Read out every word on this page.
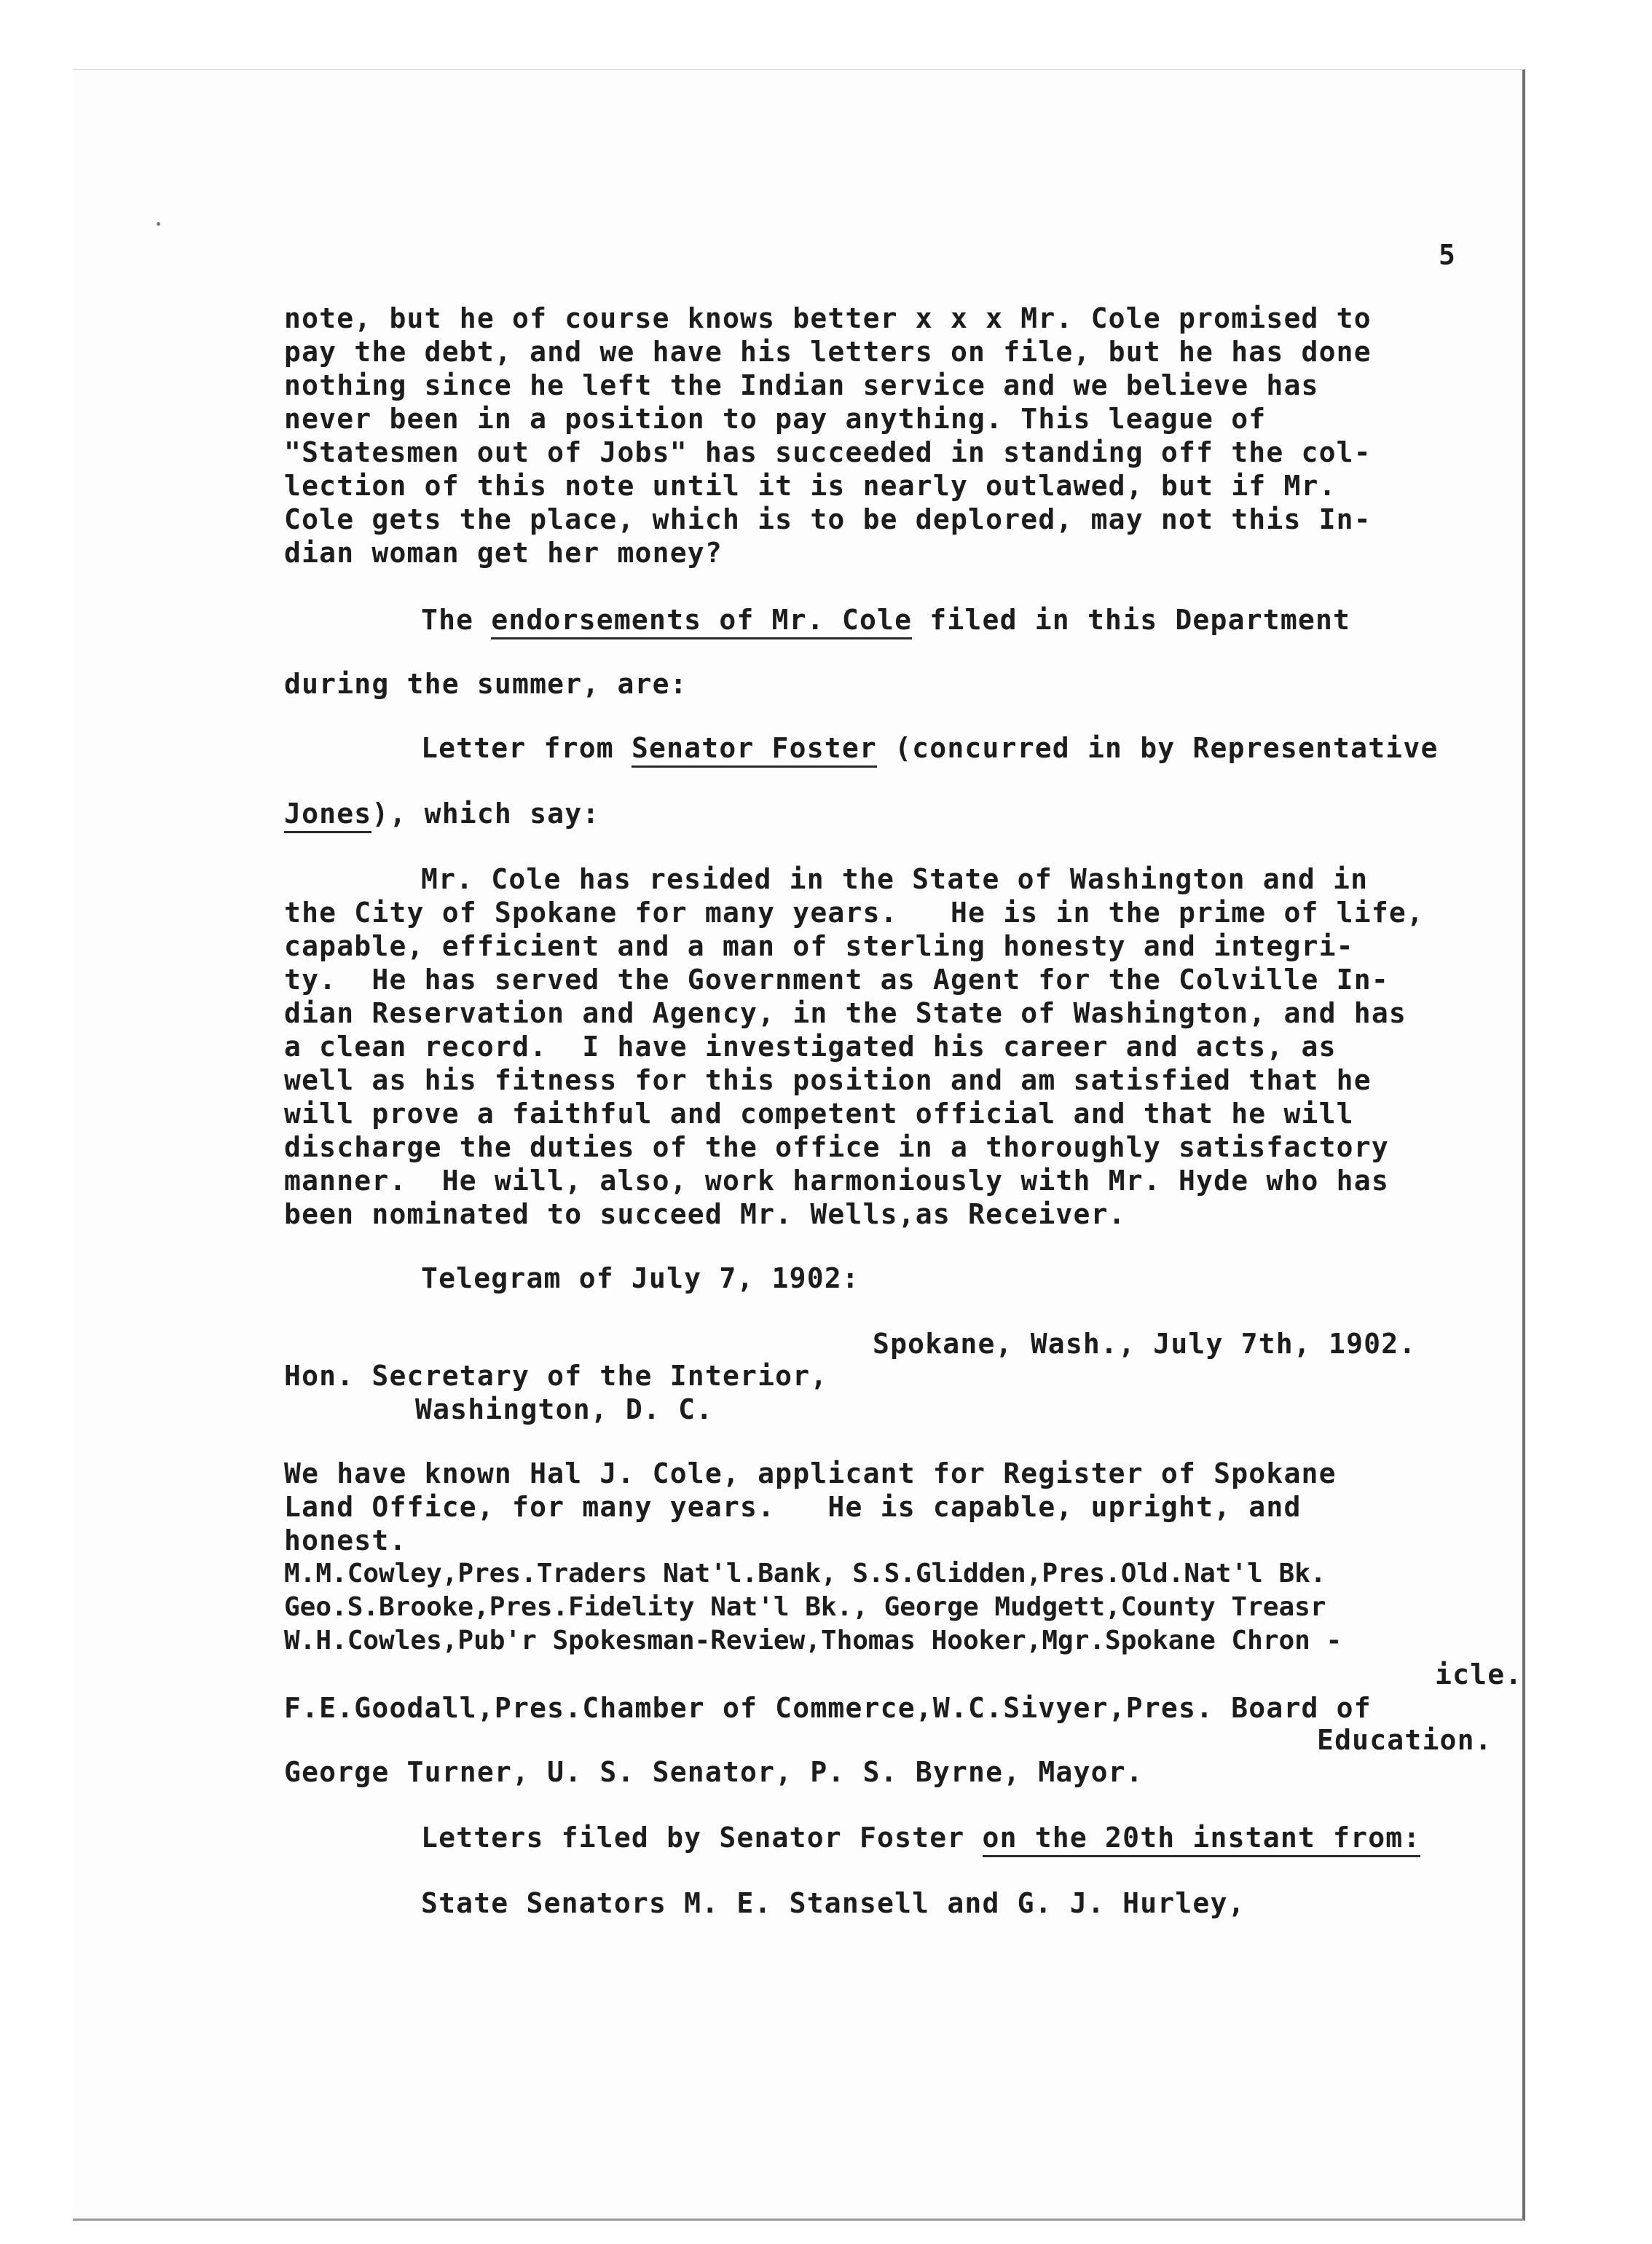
5
note, but he of course knows better x x x Mr. Cole promised to
pay the debt, and we have his letters on file, but he has done
nothing since he left the Indian service and we believe has
never been in a position to pay anything. This league of
"Statesmen out of Jobs" has succeeded in standing off the col-
lection of this note until it is nearly outlawed, but if Mr.
Cole gets the place, which is to be deplored, may not this In-
dian woman get her money?
The endorsements of Mr. Cole filed in this Department
during the summer, are:
Letter from Senator Foster (concurred in by Representative
Jones), which say:
Mr. Cole has resided in the State of Washington and in
the City of Spokane for many years.   He is in the prime of life,
capable, efficient and a man of sterling honesty and integri-
ty.  He has served the Government as Agent for the Colville In-
dian Reservation and Agency, in the State of Washington, and has
a clean record.  I have investigated his career and acts, as
well as his fitness for this position and am satisfied that he
will prove a faithful and competent official and that he will
discharge the duties of the office in a thoroughly satisfactory
manner.  He will, also, work harmoniously with Mr. Hyde who has
been nominated to succeed Mr. Wells,as Receiver.
Telegram of July 7, 1902:
Spokane, Wash., July 7th, 1902.
Hon. Secretary of the Interior,
Washington, D. C.
We have known Hal J. Cole, applicant for Register of Spokane
Land Office, for many years.   He is capable, upright, and
honest.
M.M.Cowley,Pres.Traders Nat'l.Bank, S.S.Glidden,Pres.Old.Nat'l Bk.
Geo.S.Brooke,Pres.Fidelity Nat'l Bk., George Mudgett,County Treasr
W.H.Cowles,Pub'r Spokesman-Review,Thomas Hooker,Mgr.Spokane Chron -
icle.
F.E.Goodall,Pres.Chamber of Commerce,W.C.Sivyer,Pres. Board of
Education.
George Turner, U. S. Senator, P. S. Byrne, Mayor.
Letters filed by Senator Foster on the 20th instant from:
State Senators M. E. Stansell and G. J. Hurley,
